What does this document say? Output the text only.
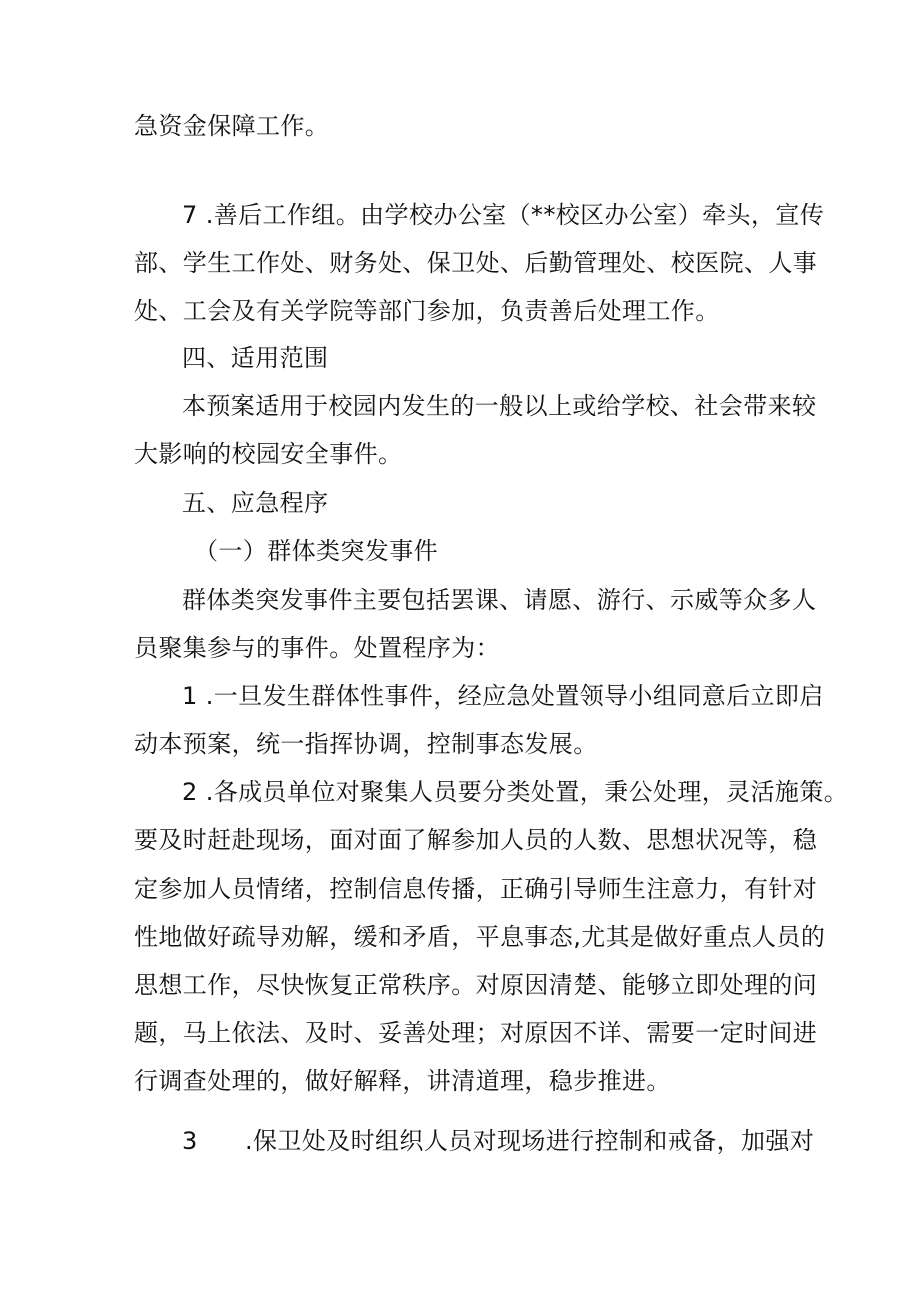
急资金保障工作。
7 .善后工作组。由学校办公室（**校区办公室）牵头，宣传
部、学生工作处、财务处、保卫处、后勤管理处、校医院、人事
处、工会及有关学院等部门参加，负责善后处理工作。
四、适用范围
本预案适用于校园内发生的一般以上或给学校、社会带来较
大影响的校园安全事件。
五、应急程序
（一）群体类突发事件
群体类突发事件主要包括罢课、请愿、游行、示威等众多人
员聚集参与的事件。处置程序为：
1 .一旦发生群体性事件，经应急处置领导小组同意后立即启
动本预案，统一指挥协调，控制事态发展。
2 .各成员单位对聚集人员要分类处置，秉公处理，灵活施策。
要及时赶赴现场，面对面了解参加人员的人数、思想状况等，稳
定参加人员情绪，控制信息传播，正确引导师生注意力，有针对
性地做好疏导劝解，缓和矛盾，平息事态,尤其是做好重点人员的
思想工作，尽快恢复正常秩序。对原因清楚、能够立即处理的问
题，马上依法、及时、妥善处理；对原因不详、需要一定时间进
行调查处理的，做好解释，讲清道理，稳步推进。
3 .保卫处及时组织人员对现场进行控制和戒备，加强对
